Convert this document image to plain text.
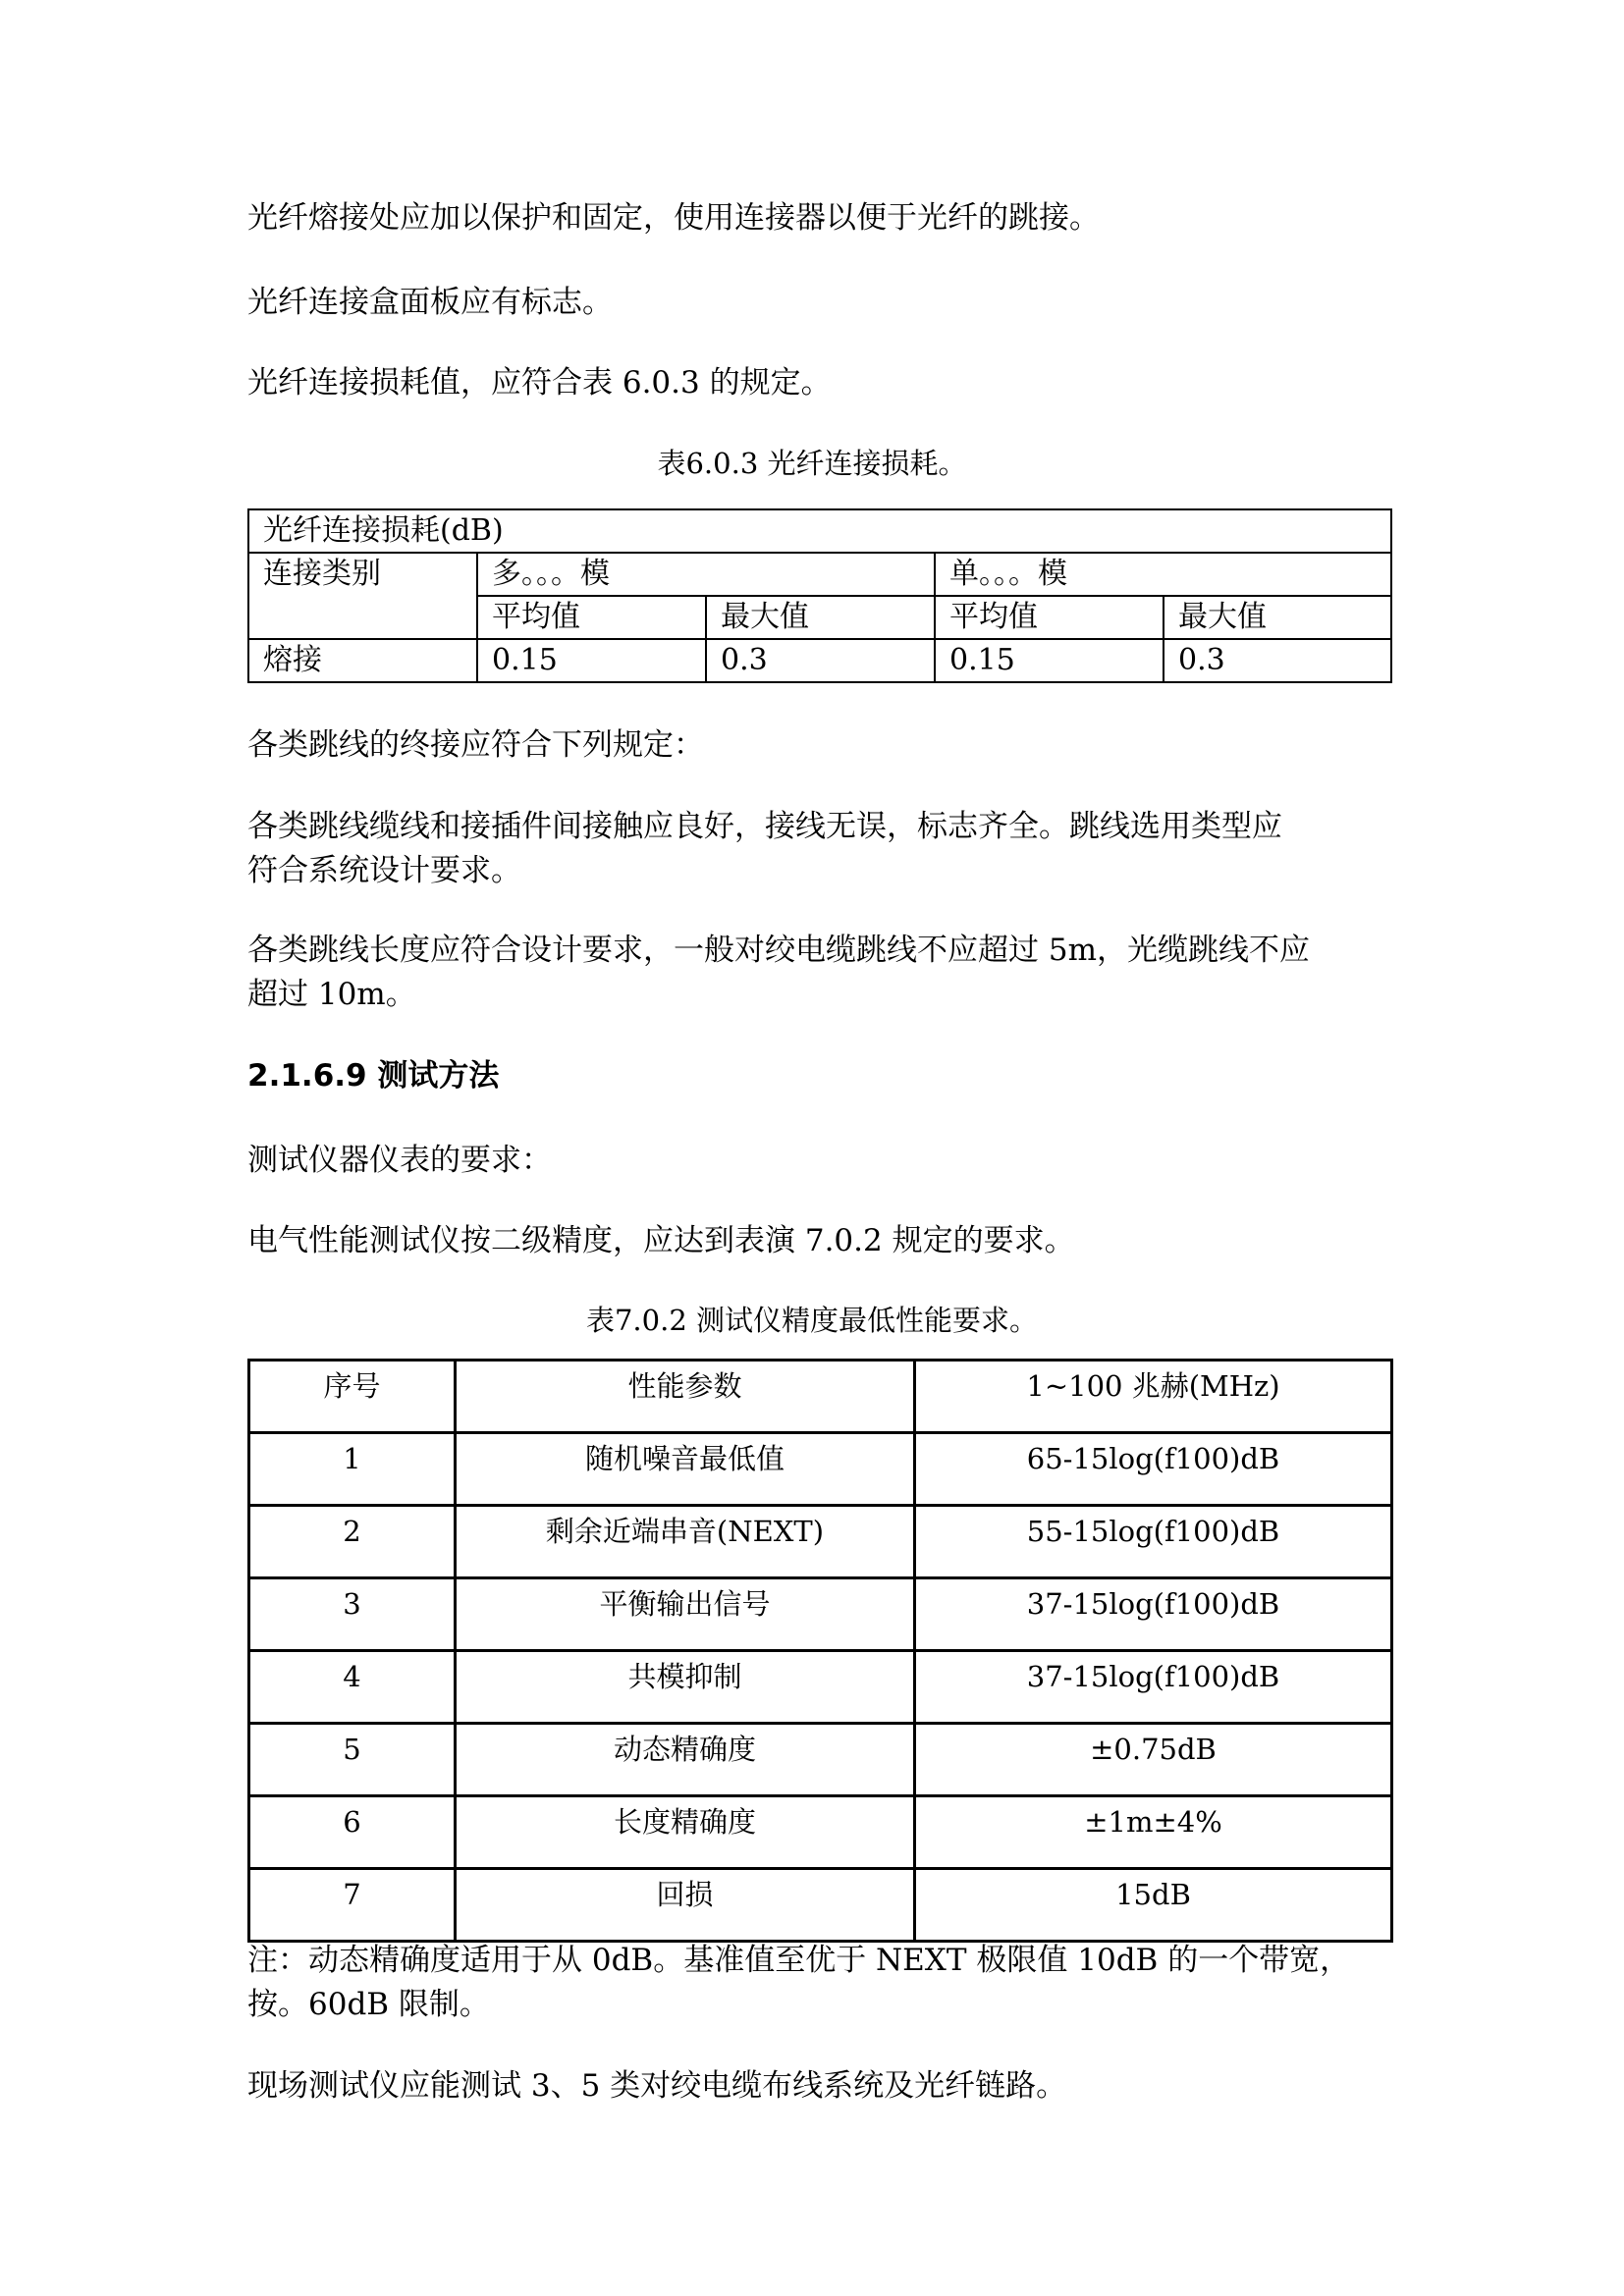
光纤熔接处应加以保护和固定，使用连接器以便于光纤的跳接。

光纤连接盒面板应有标志。

光纤连接损耗值，应符合表 6.0.3 的规定。

表6.0.3 光纤连接损耗。

光纤连接损耗(dB)				
连接类别	多。。。模		单。。。模	
	平均值	最大值	平均值	最大值
熔接	0.15	0.3	0.15	0.3

各类跳线的终接应符合下列规定：

各类跳线缆线和接插件间接触应良好，接线无误，标志齐全。跳线选用类型应

符合系统设计要求。

各类跳线长度应符合设计要求，一般对绞电缆跳线不应超过 5m，光缆跳线不应

超过 10m。

2.1.6.9 测试方法

测试仪器仪表的要求：

电气性能测试仪按二级精度，应达到表演 7.0.2 规定的要求。

表7.0.2 测试仪精度最低性能要求。

序号	性能参数	1~100 兆赫(MHz)
1	随机噪音最低值	65-15log(f100)dB
2	剩余近端串音(NEXT)	55-15log(f100)dB
3	平衡输出信号	37-15log(f100)dB
4	共模抑制	37-15log(f100)dB
5	动态精确度	±0.75dB
6	长度精确度	±1m±4%
7	回损	15dB

注：动态精确度适用于从 0dB。基准值至优于 NEXT 极限值 10dB 的一个带宽，

按。60dB 限制。

现场测试仪应能测试 3、5 类对绞电缆布线系统及光纤链路。
